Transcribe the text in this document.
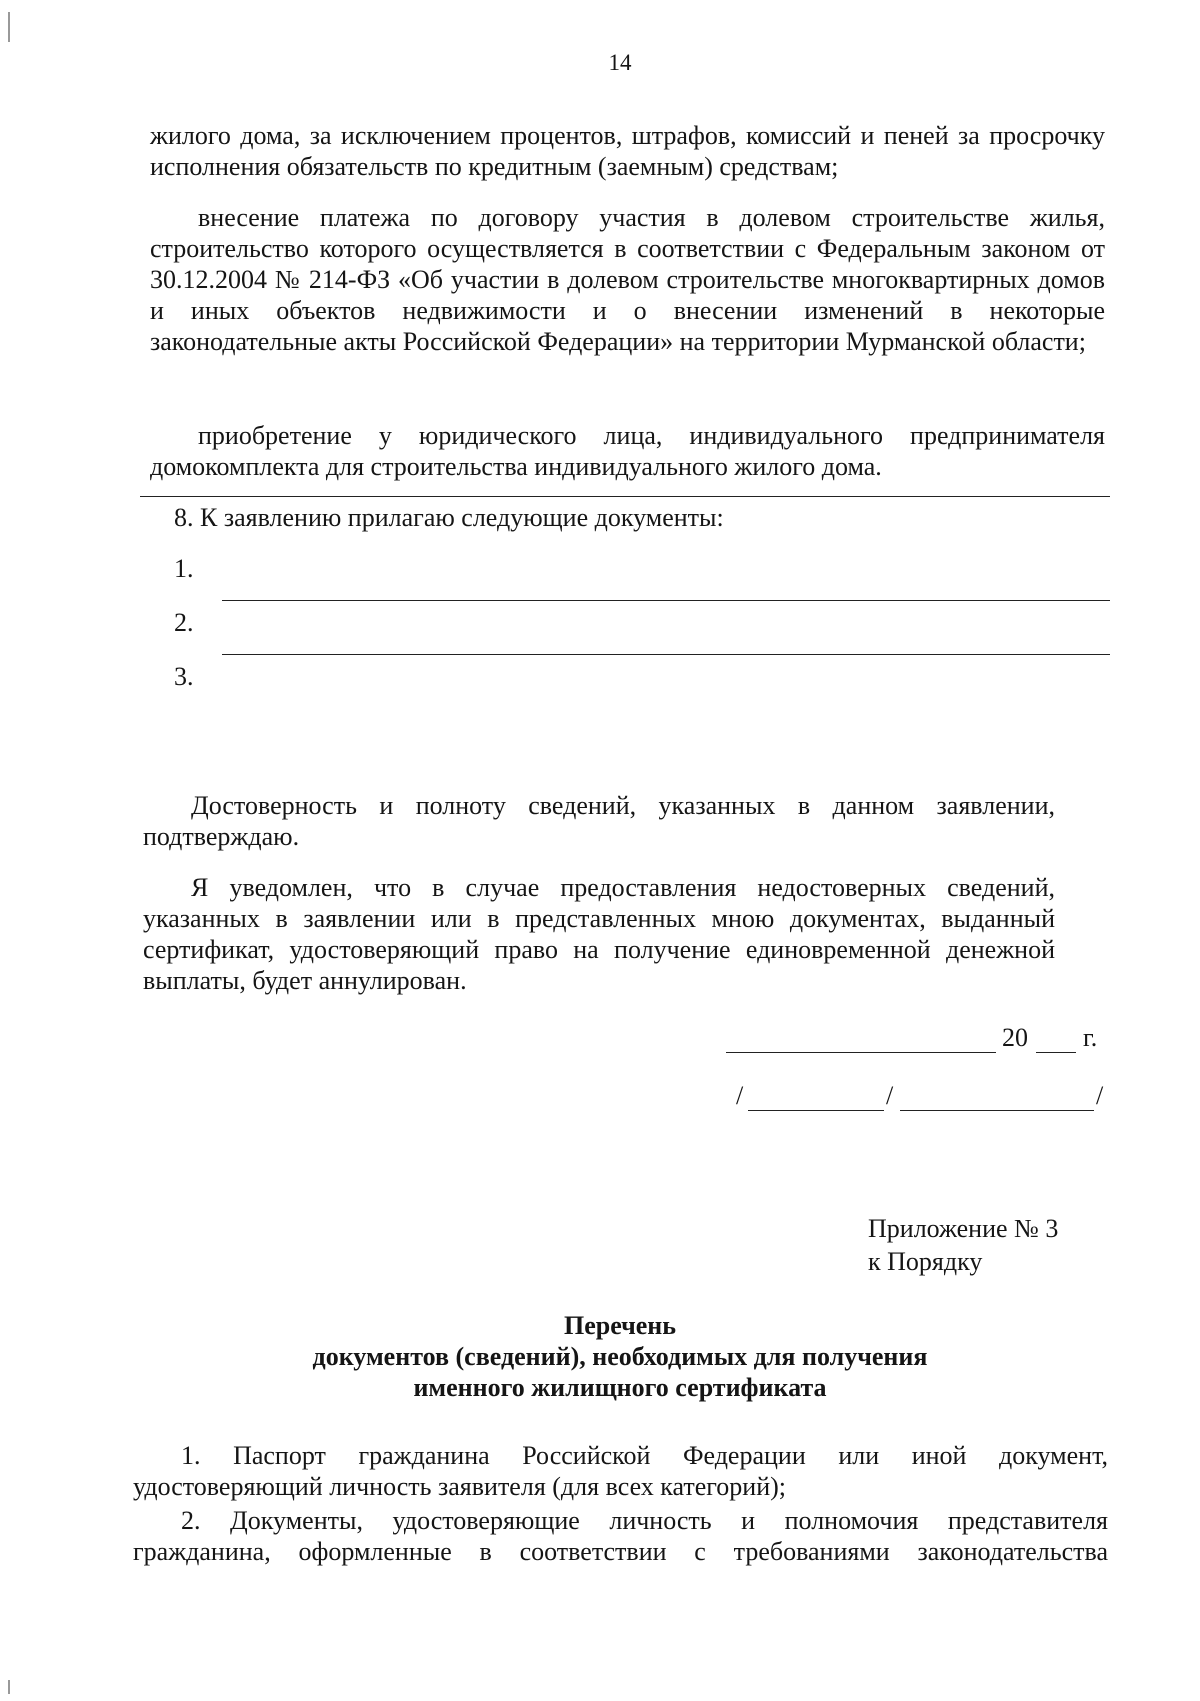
14

жилого дома, за исключением процентов, штрафов, комиссий и пеней за просрочку исполнения обязательств по кредитным (заемным) средствам;

внесение платежа по договору участия в долевом строительстве жилья, строительство которого осуществляется в соответствии с Федеральным законом от 30.12.2004 № 214-ФЗ «Об участии в долевом строительстве многоквартирных домов и иных объектов недвижимости и о внесении изменений в некоторые законодательные акты Российской Федерации» на территории Мурманской области;

приобретение у юридического лица, индивидуального предпринимателя домокомплекта для строительства индивидуального жилого дома.

8. К заявлению прилагаю следующие документы:
1.
2.
3.

Достоверность и полноту сведений, указанных в данном заявлении, подтверждаю.

Я уведомлен, что в случае предоставления недостоверных сведений, указанных в заявлении или в представленных мною документах, выданный сертификат, удостоверяющий право на получение единовременной денежной выплаты, будет аннулирован.

20 г.
/	/	/
Приложение № 3
к Порядку
Перечень
документов (сведений), необходимых для получения
именного жилищного сертификата

1. Паспорт гражданина Российской Федерации или иной документ, удостоверяющий личность заявителя (для всех категорий);

2. Документы, удостоверяющие личность и полномочия представителя гражданина, оформленные в соответствии с требованиями законодательства
